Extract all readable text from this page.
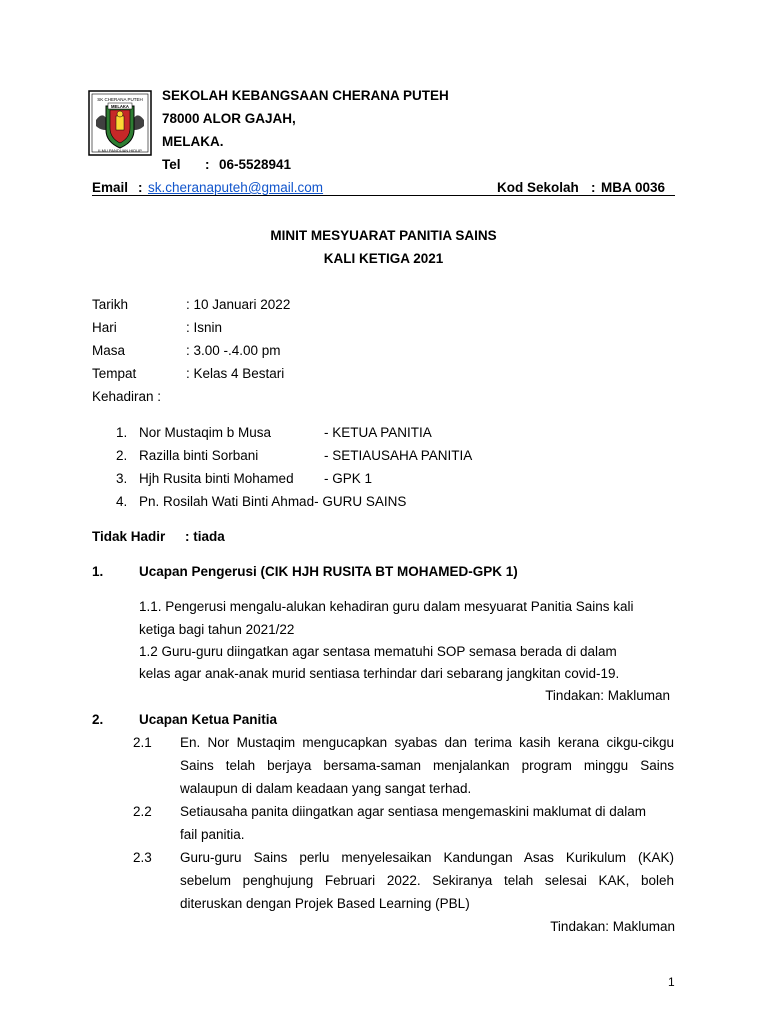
SK CHERANA PUTEH
MELAKA
ILMU PANDUAN HIDUP
SEKOLAH KEBANGSAAN CHERANA PUTEH
78000 ALOR GAJAH,
MELAKA.
Tel : 06-5528941
Email : sk.cheranaputeh@gmail.com	Kod Sekolah : MBA 0036
MINIT MESYUARAT PANITIA SAINS
KALI KETIGA 2021
Tarikh	: 10 Januari 2022
Hari	: Isnin
Masa	: 3.00 -.4.00 pm
Tempat	: Kelas 4 Bestari
Kehadiran :
1. Nor Mustaqim b Musa	- KETUA PANITIA
2. Razilla binti Sorbani	- SETIAUSAHA PANITIA
3. Hjh Rusita binti Mohamed - GPK 1
4. Pn. Rosilah Wati Binti Ahmad- GURU SAINS
Tidak Hadir : tiada
1.	Ucapan Pengerusi (CIK HJH RUSITA BT MOHAMED-GPK 1)
1.1. Pengerusi mengalu-alukan kehadiran guru dalam mesyuarat Panitia Sains kali
ketiga bagi tahun 2021/22
1.2 Guru-guru diingatkan agar sentasa mematuhi SOP semasa berada di dalam
kelas agar anak-anak murid sentiasa terhindar dari sebarang jangkitan covid-19.
Tindakan: Makluman
2.	Ucapan Ketua Panitia
2.1 En. Nor Mustaqim mengucapkan syabas dan terima kasih kerana cikgu-cikgu
Sains telah berjaya bersama-saman menjalankan program minggu Sains
walaupun di dalam keadaan yang sangat terhad.
2.2 Setiausaha panita diingatkan agar sentiasa mengemaskini maklumat di dalam
fail panitia.
2.3 Guru-guru Sains perlu menyelesaikan Kandungan Asas Kurikulum (KAK)
sebelum penghujung Februari 2022. Sekiranya telah selesai KAK, boleh
diteruskan dengan Projek Based Learning (PBL)
Tindakan: Makluman
1
